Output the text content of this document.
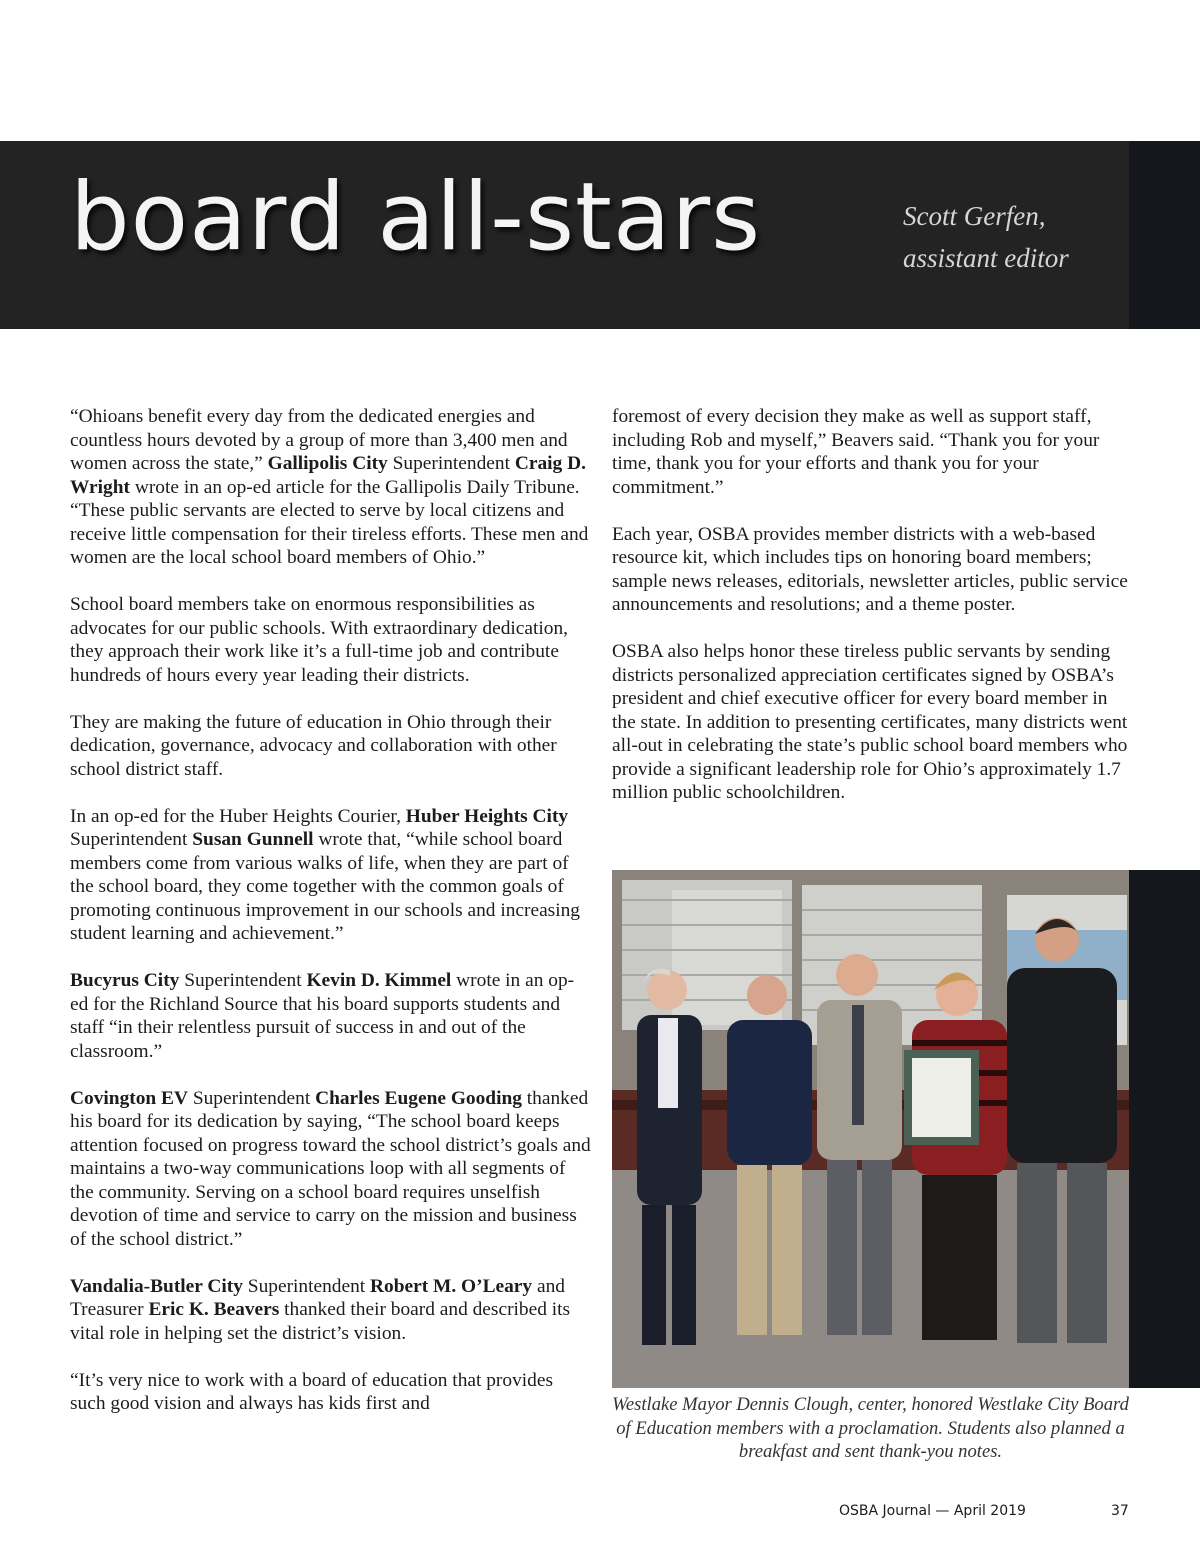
board all-stars	Scott Gerfen,
assistant editor

“Ohioans benefit every day from the dedicated energies and countless hours devoted by a group of more than 3,400 men and women across the state,” Gallipolis City Superintendent Craig D. Wright wrote in an op-ed article for the Gallipolis Daily Tribune. “These public servants are elected to serve by local citizens and receive little compensation for their tireless efforts. These men and women are the local school board members of Ohio.”

School board members take on enormous responsibilities as advocates for our public schools. With extraordinary dedication, they approach their work like it’s a full-time job and contribute hundreds of hours every year leading their districts.

They are making the future of education in Ohio through their dedication, governance, advocacy and collaboration with other school district staff.

In an op-ed for the Huber Heights Courier, Huber Heights City Superintendent Susan Gunnell wrote that, “while school board members come from various walks of life, when they are part of the school board, they come together with the common goals of promoting continuous improvement in our schools and increasing student learning and achievement.”

Bucyrus City Superintendent Kevin D. Kimmel wrote in an op-ed for the Richland Source that his board supports students and staff “in their relentless pursuit of success in and out of the classroom.”

Covington EV Superintendent Charles Eugene Gooding thanked his board for its dedication by saying, “The school board keeps attention focused on progress toward the school district’s goals and maintains a two-way communications loop with all segments of the community. Serving on a school board requires unselfish devotion of time and service to carry on the mission and business of the school district.”

Vandalia-Butler City Superintendent Robert M. O’Leary and Treasurer Eric K. Beavers thanked their board and described its vital role in helping set the district’s vision.

“It’s very nice to work with a board of education that provides such good vision and always has kids first and

foremost of every decision they make as well as support staff, including Rob and myself,” Beavers said. “Thank you for your time, thank you for your efforts and thank you for your commitment.”

Each year, OSBA provides member districts with a web-based resource kit, which includes tips on honoring board members; sample news releases, editorials, newsletter articles, public service announcements and resolutions; and a theme poster.

OSBA also helps honor these tireless public servants by sending districts personalized appreciation certificates signed by OSBA’s president and chief executive officer for every board member in the state. In addition to presenting certificates, many districts went all-out in celebrating the state’s public school board members who provide a significant leadership role for Ohio’s approximately 1.7 million public schoolchildren.

Westlake Mayor Dennis Clough, center, honored Westlake City Board of Education members with a proclamation. Students also planned a breakfast and sent thank-you notes.
OSBA Journal — April 2019	37
